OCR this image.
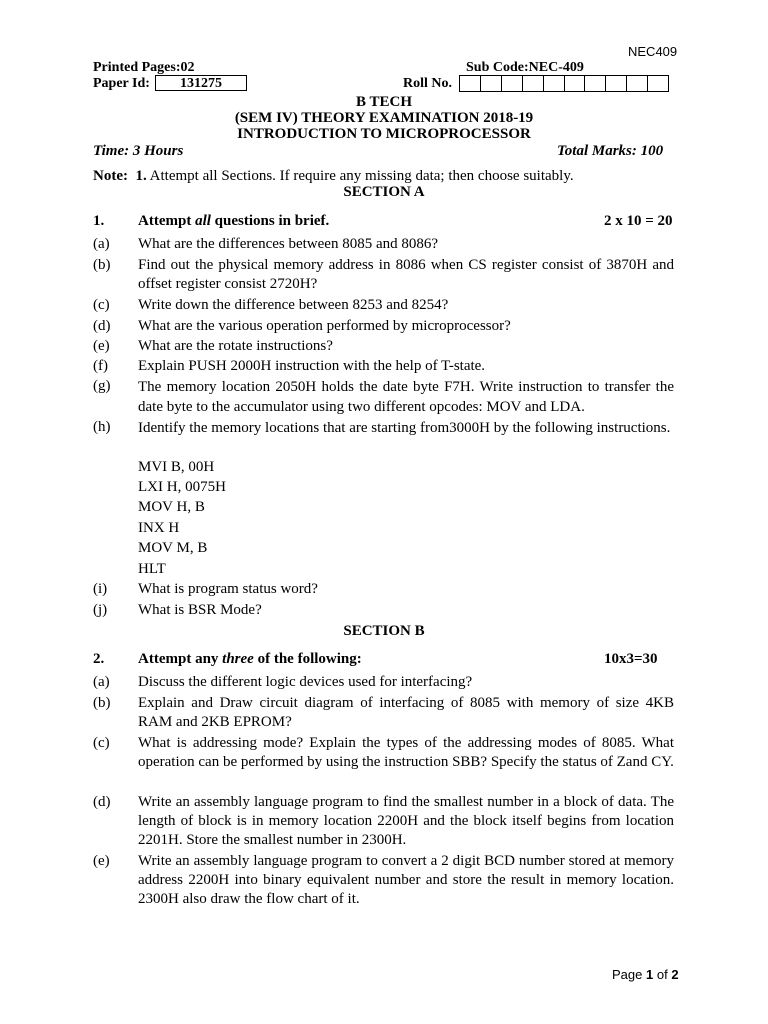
NEC409
Printed Pages:02	Sub Code:NEC-409
Paper Id:	131275	Roll No.
B TECH
(SEM IV) THEORY EXAMINATION 2018-19
INTRODUCTION TO MICROPROCESSOR
Time: 3 Hours	Total Marks: 100
Note: 1. Attempt all Sections. If require any missing data; then choose suitably.
SECTION A
1. Attempt all questions in brief.	2 x 10 = 20
(a) What are the differences between 8085 and 8086?
(b) Find out the physical memory address in 8086 when CS register consist of 3870H and offset register consist 2720H?
(c) Write down the difference between 8253 and 8254?
(d) What are the various operation performed by microprocessor?
(e) What are the rotate instructions?
(f) Explain PUSH 2000H instruction with the help of T-state.
(g) The memory location 2050H holds the date byte F7H. Write instruction to transfer the date byte to the accumulator using two different opcodes: MOV and LDA.
(h) Identify the memory locations that are starting from3000H by the following instructions.
MVI B, 00H
LXI H, 0075H
MOV H, B
INX H
MOV M, B
HLT
(i) What is program status word?
(j) What is BSR Mode?
SECTION B
2. Attempt any three of the following:	10x3=30
(a) Discuss the different logic devices used for interfacing?
(b) Explain and Draw circuit diagram of interfacing of 8085 with memory of size 4KB RAM and 2KB EPROM?
(c) What is addressing mode? Explain the types of the addressing modes of 8085. What operation can be performed by using the instruction SBB? Specify the status of Zand CY.
(d) Write an assembly language program to find the smallest number in a block of data. The length of block is in memory location 2200H and the block itself begins from location 2201H. Store the smallest number in 2300H.
(e) Write an assembly language program to convert a 2 digit BCD number stored at memory address 2200H into binary equivalent number and store the result in memory location. 2300H also draw the flow chart of it.
Page 1 of 2
